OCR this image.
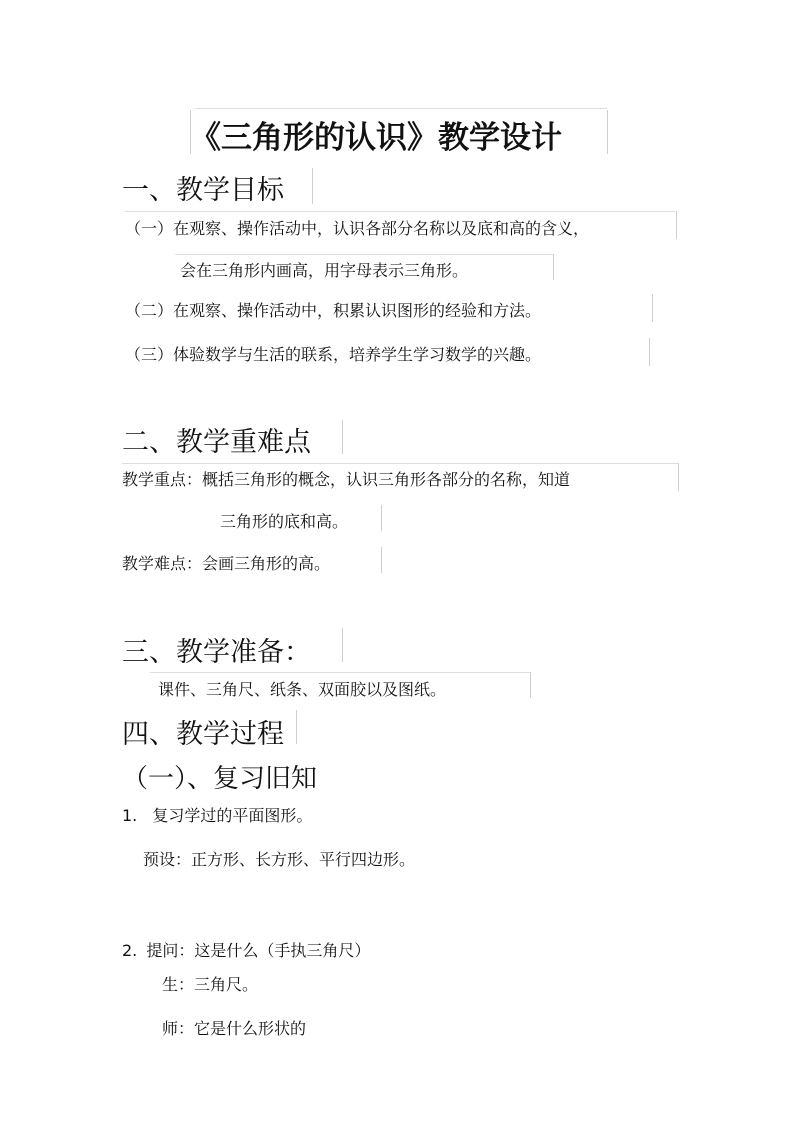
《三角形的认识》教学设计
一、教学目标
（一）在观察、操作活动中，认识各部分名称以及底和高的含义，
会在三角形内画高，用字母表示三角形。
（二）在观察、操作活动中，积累认识图形的经验和方法。
（三）体验数学与生活的联系，培养学生学习数学的兴趣。
二、教学重难点
教学重点：概括三角形的概念，认识三角形各部分的名称，知道
三角形的底和高。
教学难点：会画三角形的高。
三、教学准备：
课件、三角尺、纸条、双面胶以及图纸。
四、教学过程
（一）、复习旧知
1. 复习学过的平面图形。
预设：正方形、长方形、平行四边形。
2. 提问：这是什么（手执三角尺）
生：三角尺。
师：它是什么形状的
